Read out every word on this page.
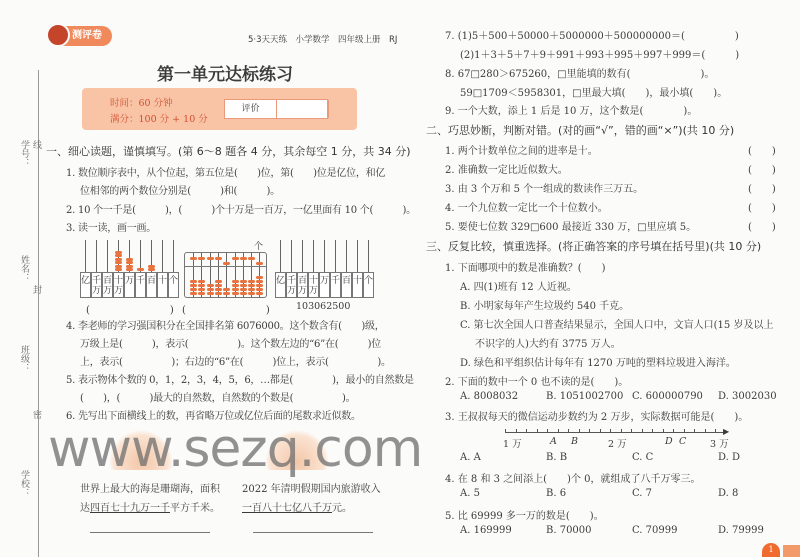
学号： 线
姓名：
封
班级：
密
学校：
测评卷	5·3天天练　小学数学　四年级上册　RJ
第一单元达标练习
时间：60 分钟
满分：100 分 + 10 分
评价
一、细心读题，谨慎填写。(第 6～8 题各 4 分，其余每空 1 分，共 34 分)
1. 数位顺序表中，从个位起，第五位是(　　)位，第(　　)位是亿位，和亿
位相邻的两个数位分别是(　　　)和(　　　)。
2. 10 个一千是(　　　)，(　　　)个十万是一百万，一亿里面有 10 个(　　　)。
3. 读一读，画一画。
亿 千万
百万
十万
万 千 百 十 个
个
亿 千万
百万
十万
万 千 百 十 个
(　　　　　　　　) (　　　　　　　　)	103062500
4. 李老师的学习强国积分在全国排名第 6076000。这个数含有(　　)级，
万级上是(　　　)，表示(　　　　　)。这个数左边的“6”在(　　　)位
上，表示(　　　　　)；右边的“6”在(　　　)位上，表示(　　　　　)。
5. 表示物体个数的 0，1，2，3，4，5，6，…都是(　　　　)，最小的自然数是
(　　)，(　　　)最大的自然数，自然数的个数是(　　　　　)。
6. 先写出下面横线上的数，再省略万位或亿位后面的尾数求近似数。
www.sezq.com
世界上最大的海是珊瑚海，面积
达四百七十九万一千平方千米。
2022 年清明假期国内旅游收入
一百八十七亿八千万元。
7. (1)5＋500＋50000＋5000000＋500000000＝(　　　　　)
(2)1＋3＋5＋7＋9＋991＋993＋995＋997＋999＝(　　　)
8. 67□280＞675260，□里能填的数有(　　　　　　　)。
59□1709＜5958301，□里最大填(　　)，最小填(　　)。
9. 一个大数，添上 1 后是 10 万，这个数是(　　　　)。
二、巧思妙断，判断对错。(对的画“√”，错的画“×”)(共 10 分)
1. 两个计数单位之间的进率是十。	(　　)
2. 准确数一定比近似数大。	(　　)
3. 由 3 个万和 5 个一组成的数读作三万五。	(　　)
4. 一个九位数一定比一个十位数小。	(　　)
5. 要使七位数 329□600 最接近 330 万，□里应填 5。	(　　)
三、反复比较，慎重选择。(将正确答案的序号填在括号里)(共 10 分)
1. 下面哪项中的数是准确数？(　　)
A. 四(1)班有 12 人近视。
B. 小明家每年产生垃圾约 540 千克。
C. 第七次全国人口普查结果显示，全国人口中，文盲人口(15 岁及以上
不识字的人)大约有 3775 万人。
D. 绿色和平组织估计每年有 1270 万吨的塑料垃圾进入海洋。
2. 下面的数中一个 0 也不读的是(　　)。
A. 8008032	B. 1051002700 C. 600000790 D. 3002030
3. 王叔叔每天的微信运动步数约为 2 万步，实际数据可能是(　　)。
▶
1 万	A B	2 万	D C 3 万
A. A	B. B	C. C	D. D
4. 在 8 和 3 之间添上(　　)个 0，就组成了八千万零三。
A. 5	B. 6	C. 7	D. 8
5. 比 69999 多一万的数是(　　)。
A. 169999	B. 70000	C. 70999	D. 79999
1
